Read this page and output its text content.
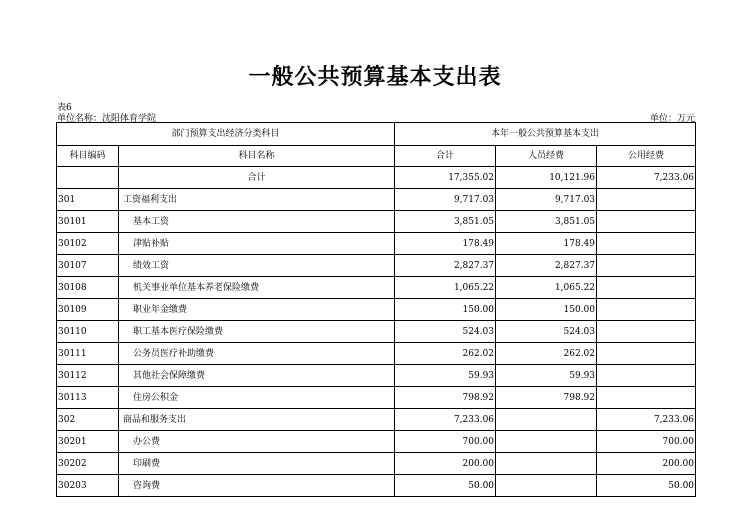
一般公共预算基本支出表
表6
单位名称：沈阳体育学院	单位：万元
部门预算支出经济分类科目		本年一般公共预算基本支出		
科目编码	科目名称	合计	人员经费	公用经费
	合计	17,355.02	10,121.96	7,233.06
301	工资福利支出	9,717.03	9,717.03	
30101	基本工资	3,851.05	3,851.05	
30102	津贴补贴	178.49	178.49	
30107	绩效工资	2,827.37	2,827.37	
30108	机关事业单位基本养老保险缴费	1,065.22	1,065.22	
30109	职业年金缴费	150.00	150.00	
30110	职工基本医疗保险缴费	524.03	524.03	
30111	公务员医疗补助缴费	262.02	262.02	
30112	其他社会保障缴费	59.93	59.93	
30113	住房公积金	798.92	798.92	
302	商品和服务支出	7,233.06		7,233.06
30201	办公费	700.00		700.00
30202	印刷费	200.00		200.00
30203	咨询费	50.00		50.00
